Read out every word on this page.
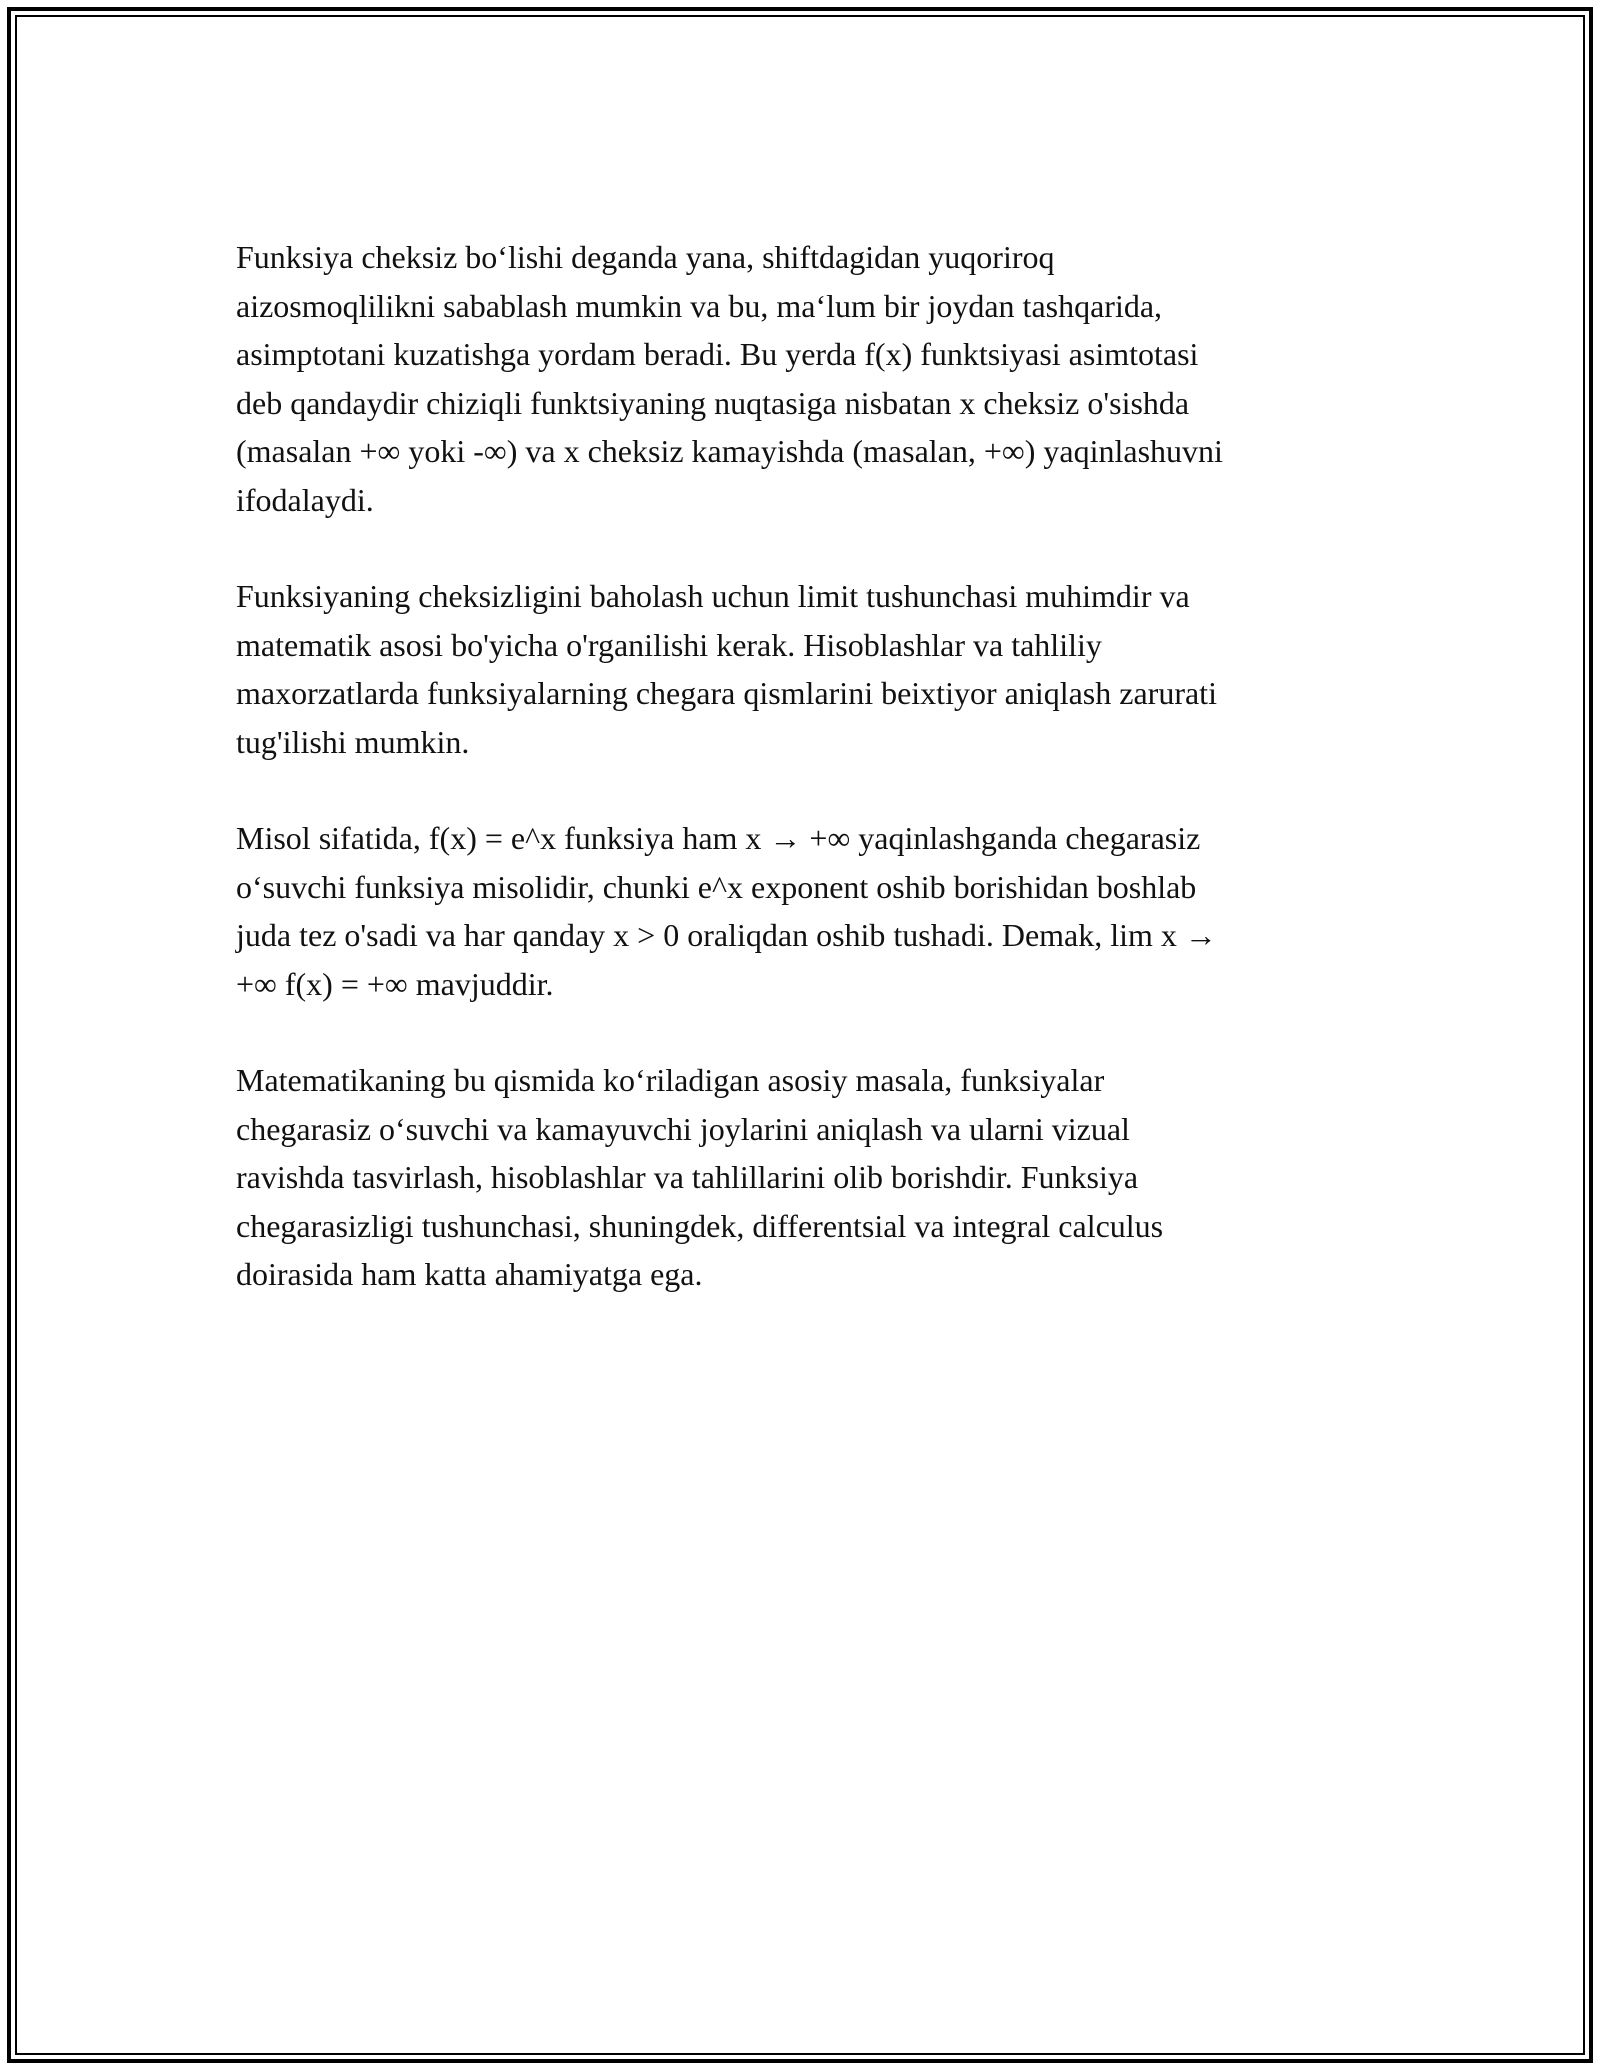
Funksiya cheksiz bo‘lishi deganda yana, shiftdagidan yuqoriroq
aizosmoqlilikni sabablash mumkin va bu, ma‘lum bir joydan tashqarida,
asimptotani kuzatishga yordam beradi. Bu yerda f(x) funktsiyasi asimtotasi
deb qandaydir chiziqli funktsiyaning nuqtasiga nisbatan x cheksiz o'sishda
(masalan +∞ yoki -∞) va x cheksiz kamayishda (masalan, +∞) yaqinlashuvni
ifodalaydi.

Funksiyaning cheksizligini baholash uchun limit tushunchasi muhimdir va
matematik asosi bo'yicha o'rganilishi kerak. Hisoblashlar va tahliliy
maxorzatlarda funksiyalarning chegara qismlarini beixtiyor aniqlash zarurati
tug'ilishi mumkin.

Misol sifatida, f(x) = e^x funksiya ham x → +∞ yaqinlashganda chegarasiz
o‘suvchi funksiya misolidir, chunki e^x exponent oshib borishidan boshlab
juda tez o'sadi va har qanday x > 0 oraliqdan oshib tushadi. Demak, lim x →
+∞ f(x) = +∞ mavjuddir.

Matematikaning bu qismida ko‘riladigan asosiy masala, funksiyalar
chegarasiz o‘suvchi va kamayuvchi joylarini aniqlash va ularni vizual
ravishda tasvirlash, hisoblashlar va tahlillarini olib borishdir. Funksiya
chegarasizligi tushunchasi, shuningdek, differentsial va integral calculus
doirasida ham katta ahamiyatga ega.
